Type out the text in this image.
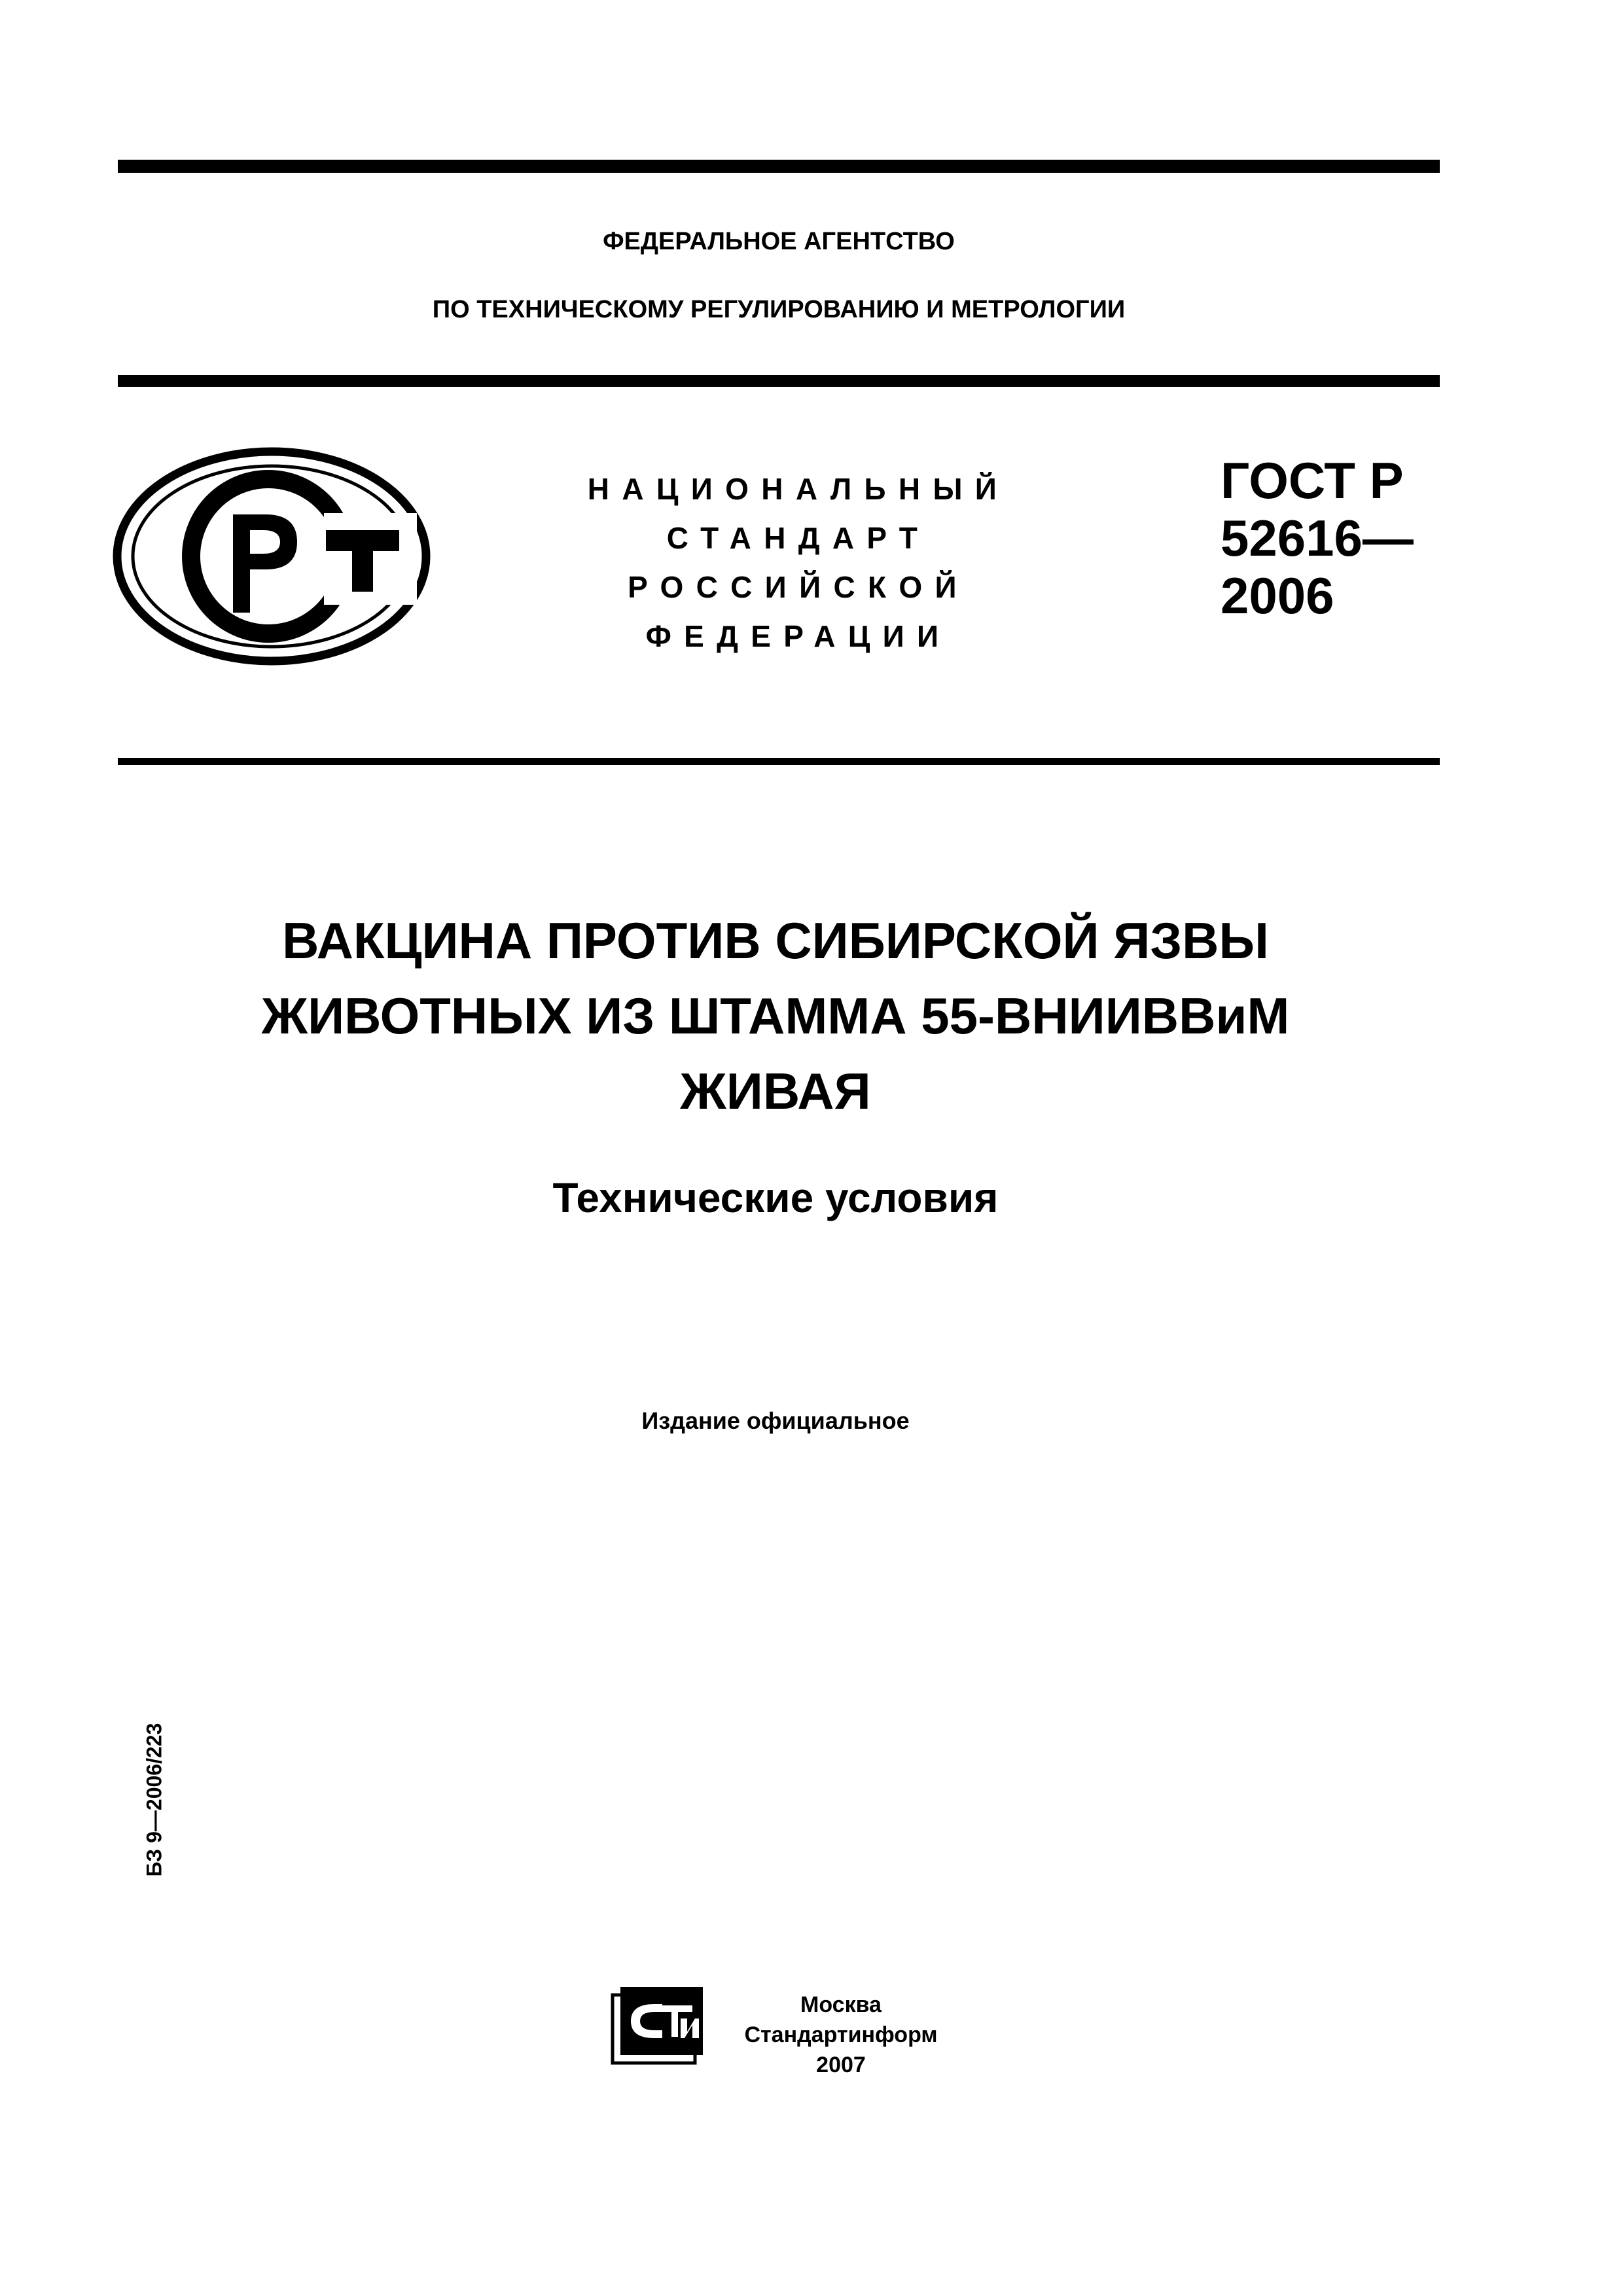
ФЕДЕРАЛЬНОЕ АГЕНТСТВО
ПО ТЕХНИЧЕСКОМУ РЕГУЛИРОВАНИЮ И МЕТРОЛОГИИ
НАЦИОНАЛЬНЫЙ
СТАНДАРТ
РОССИЙСКОЙ
ФЕДЕРАЦИИ
ГОСТ Р
52616—
2006
ВАКЦИНА ПРОТИВ СИБИРСКОЙ ЯЗВЫ
ЖИВОТНЫХ ИЗ ШТАММА 55-ВНИИВВиМ
ЖИВАЯ
Технические условия
Издание официальное
БЗ 9—2006/223
Москва
Стандартинформ
2007
